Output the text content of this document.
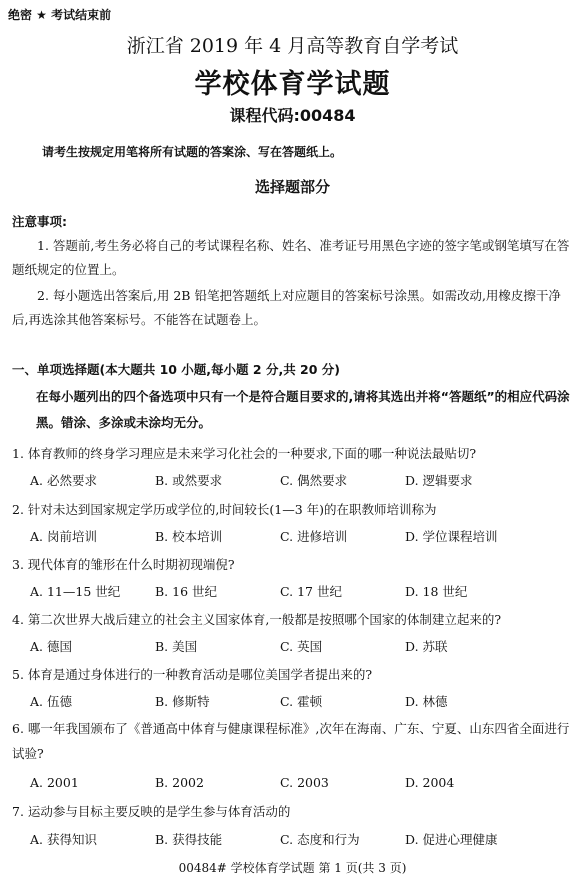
绝密 ★ 考试结束前
浙江省 2019 年 4 月高等教育自学考试
学校体育学试题
课程代码:00484
请考生按规定用笔将所有试题的答案涂、写在答题纸上。
选择题部分
注意事项:
1. 答题前,考生务必将自己的考试课程名称、姓名、准考证号用黑色字迹的签字笔或钢笔填写在答题纸规定的位置上。
2. 每小题选出答案后,用 2B 铅笔把答题纸上对应题目的答案标号涂黑。如需改动,用橡皮擦干净后,再选涂其他答案标号。不能答在试题卷上。
一、单项选择题(本大题共 10 小题,每小题 2 分,共 20 分)
在每小题列出的四个备选项中只有一个是符合题目要求的,请将其选出并将“答题纸”的相应代码涂黑。错涂、多涂或未涂均无分。
1. 体育教师的终身学习理应是未来学习化社会的一种要求,下面的哪一种说法最贴切?
A. 必然要求	B. 或然要求	C. 偶然要求	D. 逻辑要求
2. 针对未达到国家规定学历或学位的,时间较长(1—3 年)的在职教师培训称为
A. 岗前培训	B. 校本培训	C. 进修培训	D. 学位课程培训
3. 现代体育的雏形在什么时期初现端倪?
A. 11—15 世纪	B. 16 世纪	C. 17 世纪	D. 18 世纪
4. 第二次世界大战后建立的社会主义国家体育,一般都是按照哪个国家的体制建立起来的?
A. 德国	B. 美国	C. 英国	D. 苏联
5. 体育是通过身体进行的一种教育活动是哪位美国学者提出来的?
A. 伍德	B. 修斯特	C. 霍顿	D. 林德
6. 哪一年我国颁布了《普通高中体育与健康课程标准》,次年在海南、广东、宁夏、山东四省全面进行试验?
A. 2001	B. 2002	C. 2003	D. 2004
7. 运动参与目标主要反映的是学生参与体育活动的
A. 获得知识	B. 获得技能	C. 态度和行为	D. 促进心理健康
00484# 学校体育学试题 第 1 页(共 3 页)
